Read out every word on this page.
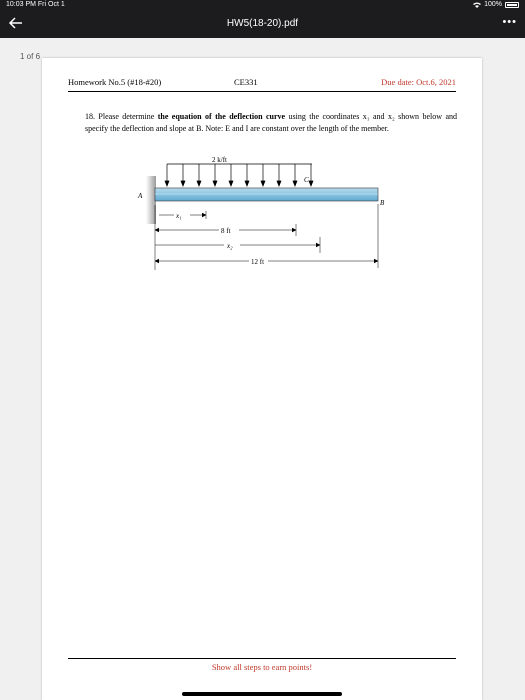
10:03 PM Fri Oct 1	100%
HW5(18-20).pdf	•••
1 of 6
Homework No.5 (#18-#20)	CE331	Due date: Oct.6, 2021
18. Please determine the equation of the deflection curve using the coordinates x₁ and x₂ shown below and specify the deflection and slope at B. Note: E and I are constant over the length of the member.
2 k/ft
A
B
C
x₁
8 ft
x₂
12 ft
Show all steps to earn points!
